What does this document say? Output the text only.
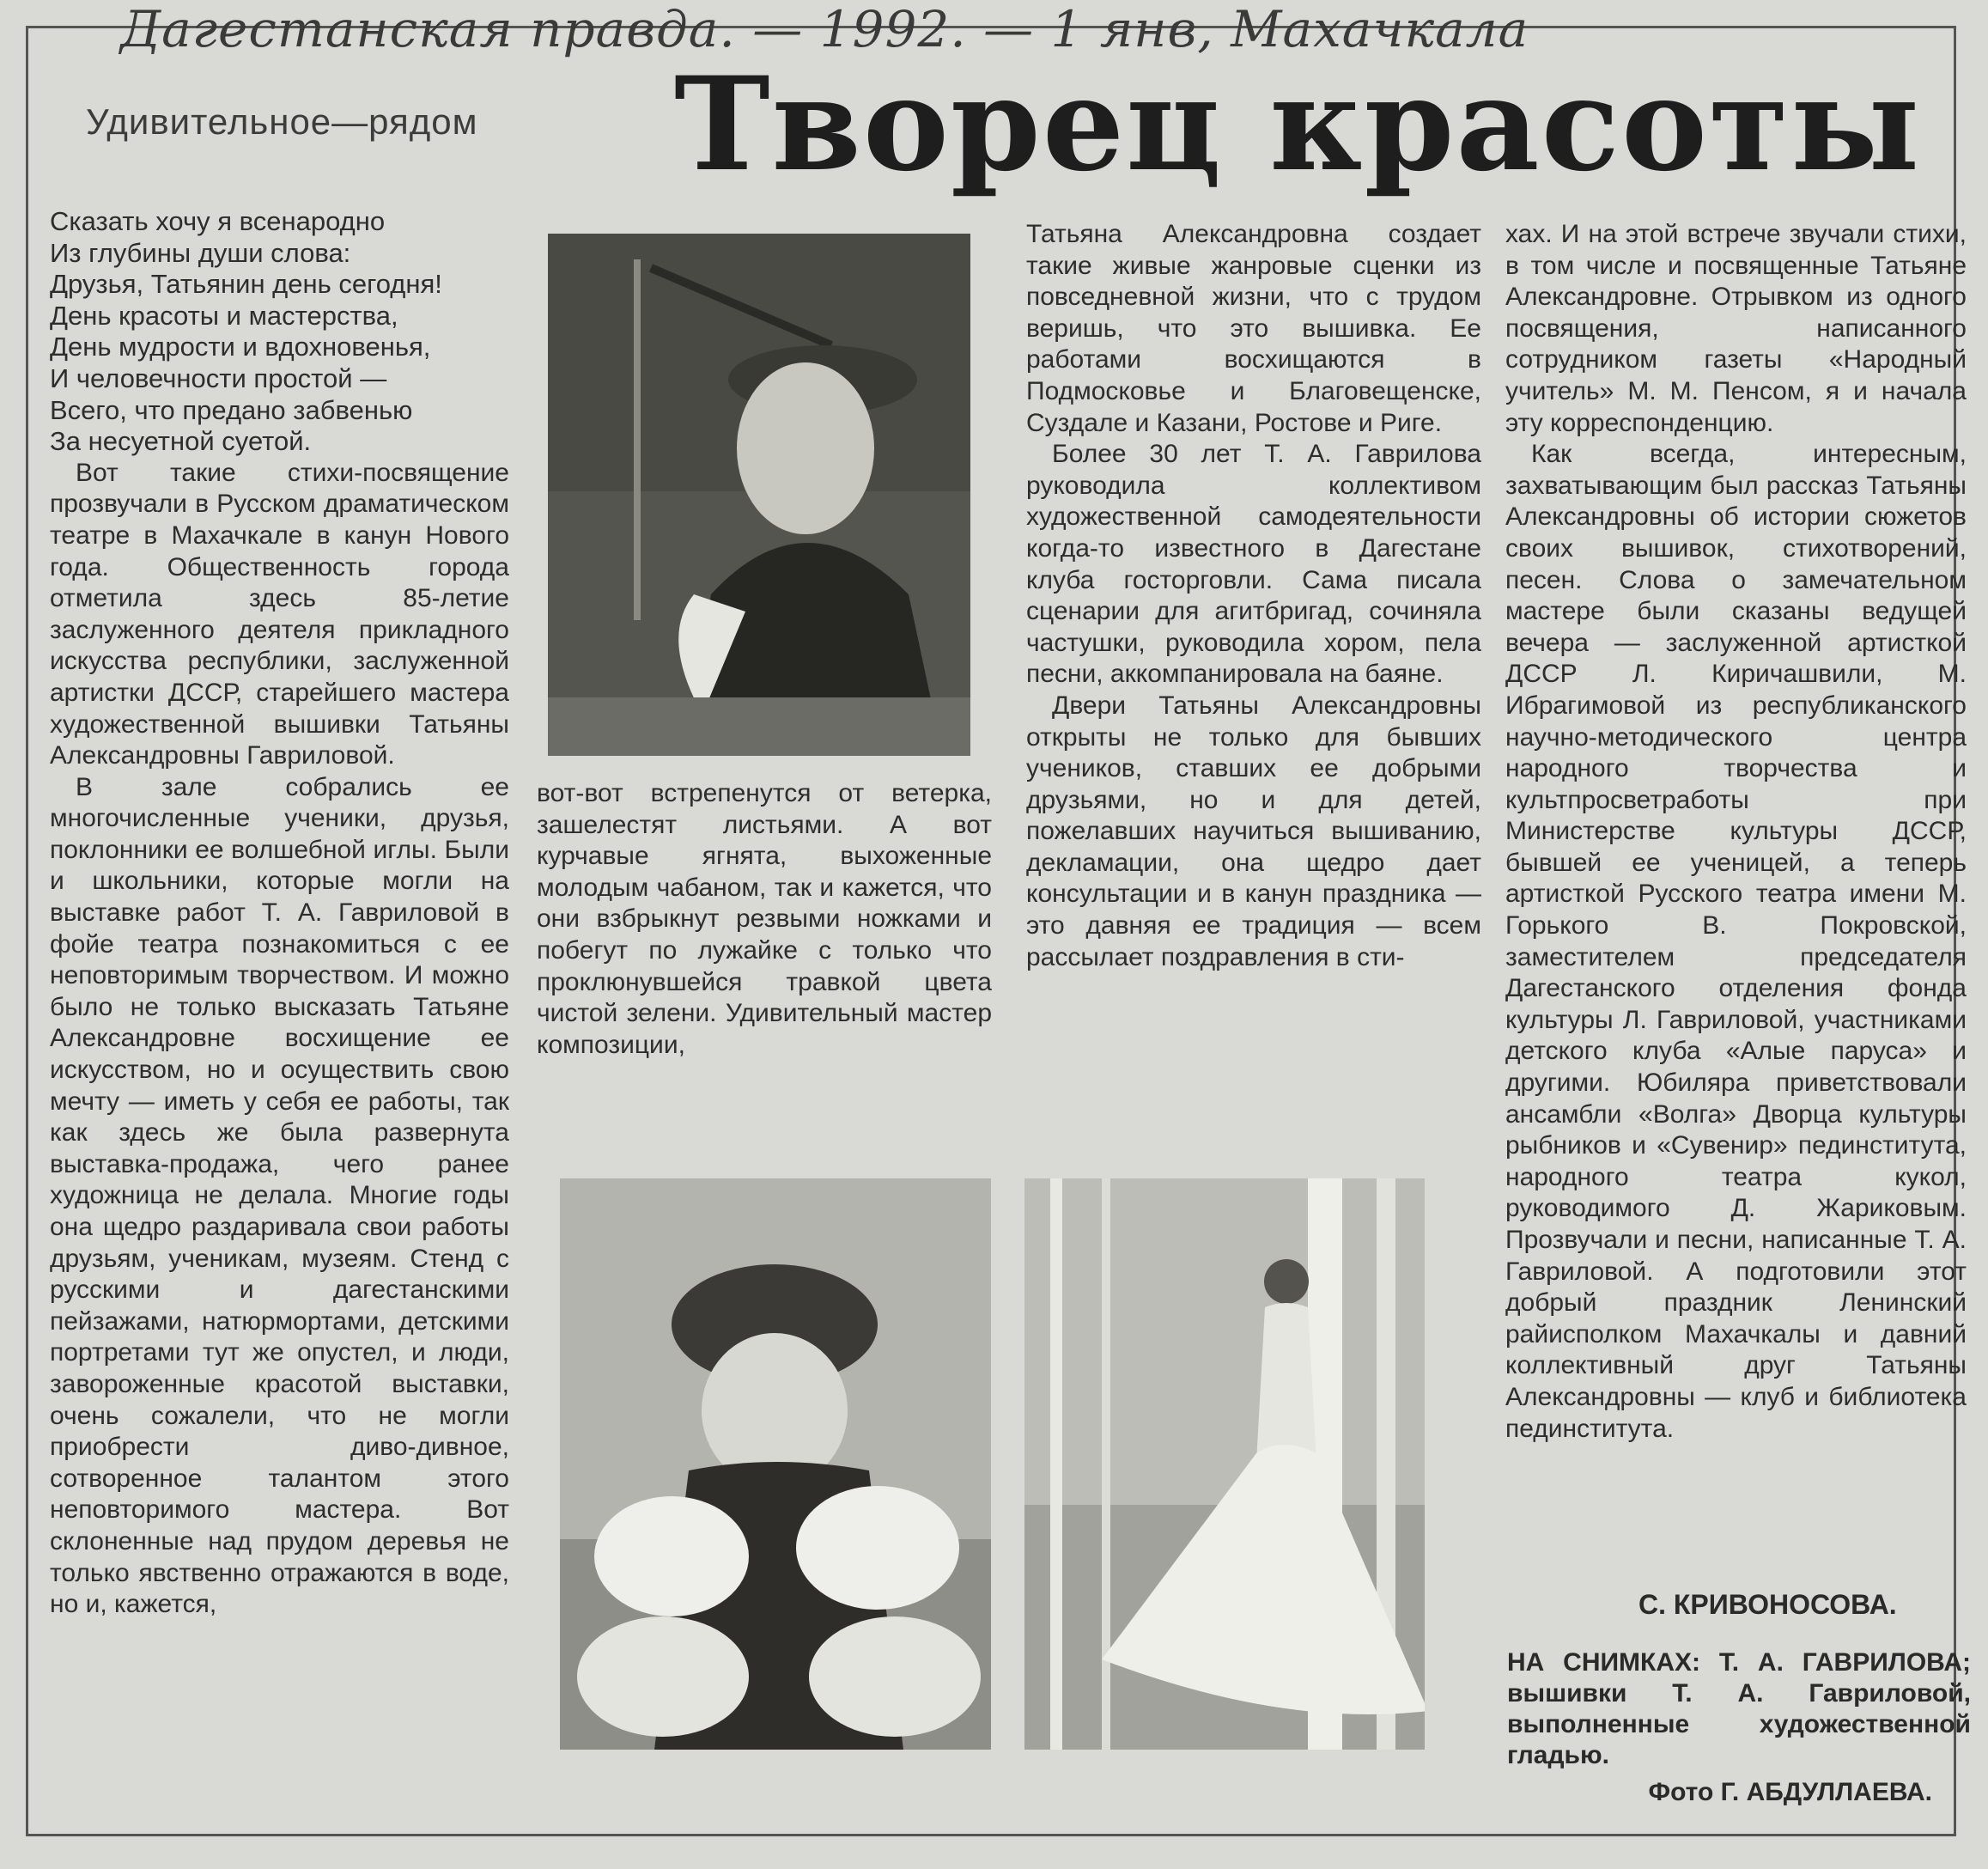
Дагестанская правда. — 1992. — 1 янв, Махачкала
Удивительное—рядом	Творец красоты
Сказать хочу я всенародно
Из глубины души слова:
Друзья, Татьянин день сегодня!
День красоты и мастерства,
День мудрости и вдохновенья,
И человечности простой —
Всего, что предано забвенью
За несуетной суетой.

Вот такие стихи-посвящение прозвучали в Русском драматическом театре в Махачкале в канун Нового года. Общественность города отметила здесь 85-летие заслуженного деятеля прикладного искусства республики, заслуженной артистки ДССР, старейшего мастера художественной вышивки Татьяны Александровны Гавриловой.

В зале собрались ее многочисленные ученики, друзья, поклонники ее волшебной иглы. Были и школьники, которые могли на выставке работ Т. А. Гавриловой в фойе театра познакомиться с ее неповторимым творчеством. И можно было не только высказать Татьяне Александровне восхищение ее искусством, но и осуществить свою мечту — иметь у себя ее работы, так как здесь же была развернута выставка-продажа, чего ранее художница не делала. Многие годы она щедро раздаривала свои работы друзьям, ученикам, музеям. Стенд с русскими и дагестанскими пейзажами, натюрмортами, детскими портретами тут же опустел, и люди, завороженные красотой выставки, очень сожалели, что не могли приобрести диво-дивное, сотворенное талантом этого неповторимого мастера. Вот склоненные над прудом деревья не только явственно отражаются в воде, но и, кажется,

вот-вот встрепенутся от ветерка, зашелестят листьями. А вот курчавые ягнята, выхоженные молодым чабаном, так и кажется, что они взбрыкнут резвыми ножками и побегут по лужайке с только что проклюнувшейся травкой цвета чистой зелени. Удивительный мастер композиции,

Татьяна Александровна создает такие живые жанровые сценки из повседневной жизни, что с трудом веришь, что это вышивка. Ее работами восхищаются в Подмосковье и Благовещенске, Суздале и Казани, Ростове и Риге.

Более 30 лет Т. А. Гаврилова руководила коллективом художественной самодеятельности когда-то известного в Дагестане клуба госторговли. Сама писала сценарии для агитбригад, сочиняла частушки, руководила хором, пела песни, аккомпанировала на баяне.

Двери Татьяны Александровны открыты не только для бывших учеников, ставших ее добрыми друзьями, но и для детей, пожелавших научиться вышиванию, декламации, она щедро дает консультации и в канун праздника — это давняя ее традиция — всем рассылает поздравления в сти-

хах. И на этой встрече звучали стихи, в том числе и посвященные Татьяне Александровне. Отрывком из одного посвящения, написанного сотрудником газеты «Народный учитель» М. М. Пенсом, я и начала эту корреспонденцию.

Как всегда, интересным, захватывающим был рассказ Татьяны Александровны об истории сюжетов своих вышивок, стихотворений, песен. Слова о замечательном мастере были сказаны ведущей вечера — заслуженной артисткой ДССР Л. Киричашвили, М. Ибрагимовой из республиканского научно-методического центра народного творчества и культпросветработы при Министерстве культуры ДССР, бывшей ее ученицей, а теперь артисткой Русского театра имени М. Горького В. Покровской, заместителем председателя Дагестанского отделения фонда культуры Л. Гавриловой, участниками детского клуба «Алые паруса» и другими. Юбиляра приветствовали ансамбли «Волга» Дворца культуры рыбников и «Сувенир» пединститута, народного театра кукол, руководимого Д. Жариковым. Прозвучали и песни, написанные Т. А. Гавриловой. А подготовили этот добрый праздник Ленинский райисполком Махачкалы и давний коллективный друг Татьяны Александровны — клуб и библиотека пединститута.

С. КРИВОНОСОВА.
НА СНИМКАХ: Т. А. ГАВРИЛОВА; вышивки Т. А. Гавриловой, выполненные художественной гладью.
Фото Г. АБДУЛЛАЕВА.
